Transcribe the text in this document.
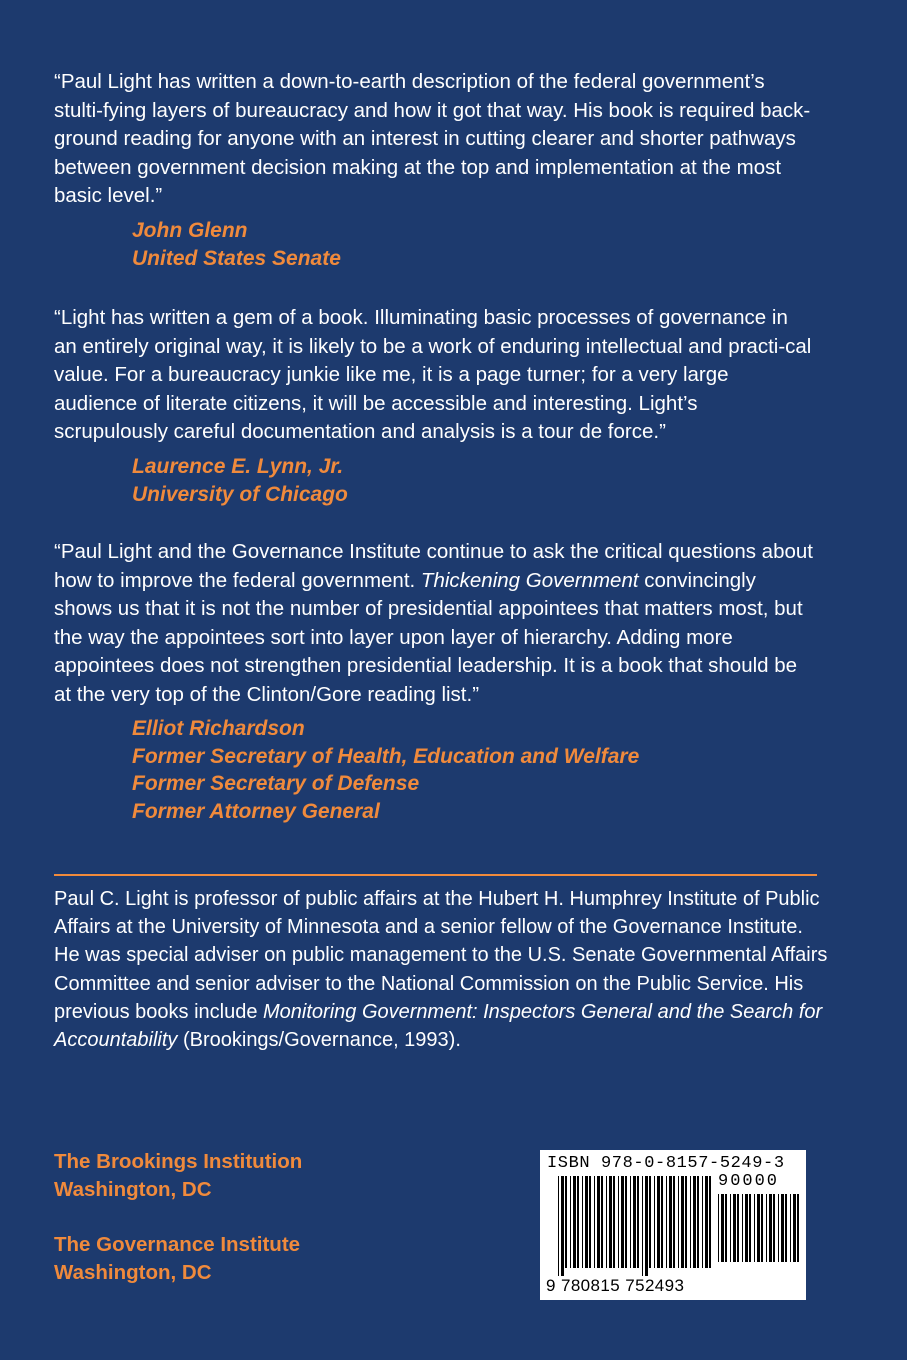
“Paul Light has written a down-to-earth description of the federal government’s stulti-fying layers of bureaucracy and how it got that way. His book is required back-ground reading for anyone with an interest in cutting clearer and shorter pathways between government decision making at the top and implementation at the most basic level.”

John Glenn
United States Senate

“Light has written a gem of a book. Illuminating basic processes of governance in an entirely original way, it is likely to be a work of enduring intellectual and practi-cal value. For a bureaucracy junkie like me, it is a page turner; for a very large audience of literate citizens, it will be accessible and interesting. Light’s scrupulously careful documentation and analysis is a tour de force.”

Laurence E. Lynn, Jr.
University of Chicago

“Paul Light and the Governance Institute continue to ask the critical questions about how to improve the federal government. Thickening Government convincingly shows us that it is not the number of presidential appointees that matters most, but the way the appointees sort into layer upon layer of hierarchy. Adding more appointees does not strengthen presidential leadership. It is a book that should be at the very top of the Clinton/Gore reading list.”

Elliot Richardson
Former Secretary of Health, Education and Welfare
Former Secretary of Defense
Former Attorney General

Paul C. Light is professor of public affairs at the Hubert H. Humphrey Institute of Public Affairs at the University of Minnesota and a senior fellow of the Governance Institute. He was special adviser on public management to the U.S. Senate Governmental Affairs Committee and senior adviser to the National Commission on the Public Service. His previous books include Monitoring Government: Inspectors General and the Search for Accountability (Brookings/Governance, 1993).

The Brookings Institution
Washington, DC
The Governance Institute
Washington, DC
ISBN 978-0-8157-5249-3
90000
9 780815 752493
